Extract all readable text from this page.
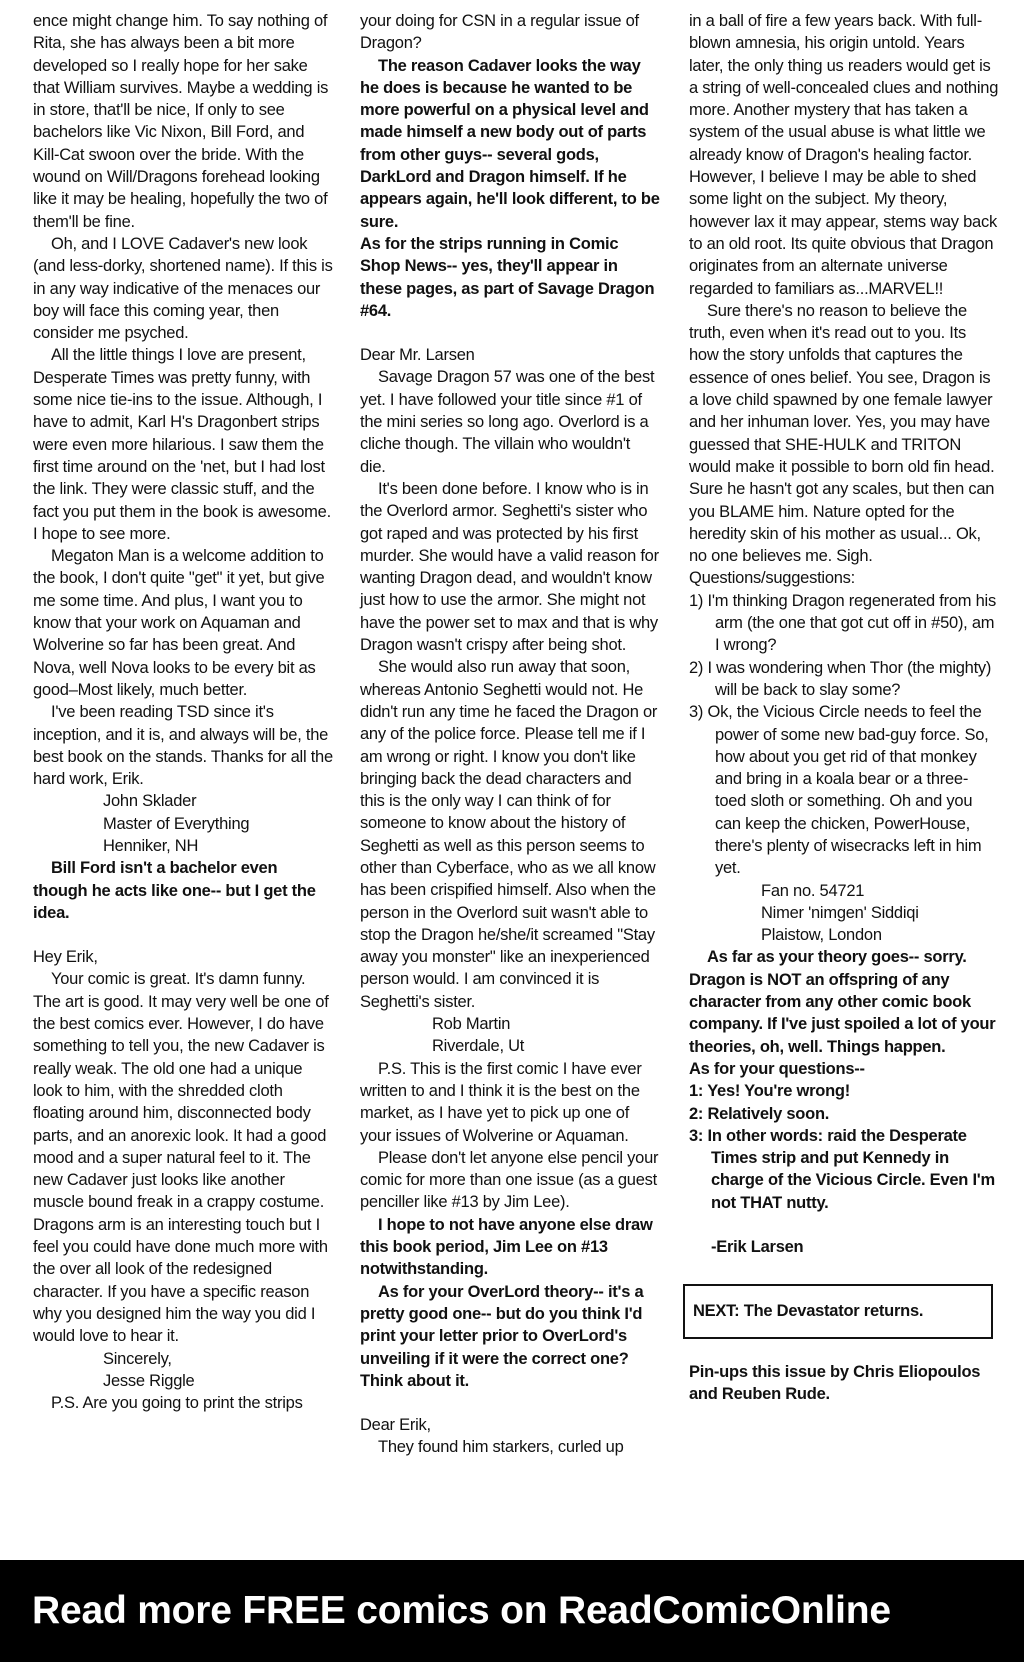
ence might change him. To say nothing of Rita, she has always been a bit more developed so I really hope for her sake that William survives. Maybe a wedding is in store, that'll be nice, If only to see bachelors like Vic Nixon, Bill Ford, and Kill-Cat swoon over the bride. With the wound on Will/Dragons forehead looking like it may be healing, hopefully the two of them'll be fine.

Oh, and I LOVE Cadaver's new look (and less-dorky, shortened name). If this is in any way indicative of the menaces our boy will face this coming year, then consider me psyched.

All the little things I love are present, Desperate Times was pretty funny, with some nice tie-ins to the issue. Although, I have to admit, Karl H's Dragonbert strips were even more hilarious. I saw them the first time around on the 'net, but I had lost the link. They were classic stuff, and the fact you put them in the book is awesome. I hope to see more.

Megaton Man is a welcome addition to the book, I don't quite "get" it yet, but give me some time. And plus, I want you to know that your work on Aquaman and Wolverine so far has been great. And Nova, well Nova looks to be every bit as good–Most likely, much better.

I've been reading TSD since it's inception, and it is, and always will be, the best book on the stands. Thanks for all the hard work, Erik.

John Sklader

Master of Everything

Henniker, NH

Bill Ford isn't a bachelor even though he acts like one-- but I get the idea.

Hey Erik,

Your comic is great. It's damn funny. The art is good. It may very well be one of the best comics ever. However, I do have something to tell you, the new Cadaver is really weak. The old one had a unique look to him, with the shredded cloth floating around him, disconnected body parts, and an anorexic look. It had a good mood and a super natural feel to it. The new Cadaver just looks like another muscle bound freak in a crappy costume. Dragons arm is an interesting touch but I feel you could have done much more with the over all look of the redesigned character. If you have a specific reason why you designed him the way you did I would love to hear it.

Sincerely,

Jesse Riggle

P.S. Are you going to print the strips

your doing for CSN in a regular issue of Dragon?

The reason Cadaver looks the way he does is because he wanted to be more powerful on a physical level and made himself a new body out of parts from other guys-- several gods, DarkLord and Dragon himself. If he appears again, he'll look different, to be sure.

As for the strips running in Comic Shop News-- yes, they'll appear in these pages, as part of Savage Dragon #64.

Dear Mr. Larsen

Savage Dragon 57 was one of the best yet. I have followed your title since #1 of the mini series so long ago. Overlord is a cliche though. The villain who wouldn't die.

It's been done before. I know who is in the Overlord armor. Seghetti's sister who got raped and was protected by his first murder. She would have a valid reason for wanting Dragon dead, and wouldn't know just how to use the armor. She might not have the power set to max and that is why Dragon wasn't crispy after being shot.

She would also run away that soon, whereas Antonio Seghetti would not. He didn't run any time he faced the Dragon or any of the police force. Please tell me if I am wrong or right. I know you don't like bringing back the dead characters and this is the only way I can think of for someone to know about the history of Seghetti as well as this person seems to other than Cyberface, who as we all know has been crispified himself. Also when the person in the Overlord suit wasn't able to stop the Dragon he/she/it screamed "Stay away you monster" like an inexperienced person would. I am convinced it is Seghetti's sister.

Rob Martin

Riverdale, Ut

P.S. This is the first comic I have ever written to and I think it is the best on the market, as I have yet to pick up one of your issues of Wolverine or Aquaman.

Please don't let anyone else pencil your comic for more than one issue (as a guest penciller like #13 by Jim Lee).

I hope to not have anyone else draw this book period, Jim Lee on #13 notwithstanding.

As for your OverLord theory-- it's a pretty good one-- but do you think I'd print your letter prior to OverLord's unveiling if it were the correct one? Think about it.

Dear Erik,

They found him starkers, curled up

in a ball of fire a few years back. With full-blown amnesia, his origin untold. Years later, the only thing us readers would get is a string of well-concealed clues and nothing more. Another mystery that has taken a system of the usual abuse is what little we already know of Dragon's healing factor. However, I believe I may be able to shed some light on the subject. My theory, however lax it may appear, stems way back to an old root. Its quite obvious that Dragon originates from an alternate universe regarded to familiars as...MARVEL!!

Sure there's no reason to believe the truth, even when it's read out to you. Its how the story unfolds that captures the essence of ones belief. You see, Dragon is a love child spawned by one female lawyer and her inhuman lover. Yes, you may have guessed that SHE-HULK and TRITON would make it possible to born old fin head. Sure he hasn't got any scales, but then can you BLAME him. Nature opted for the heredity skin of his mother as usual... Ok, no one believes me. Sigh.

Questions/suggestions:

1) I'm thinking Dragon regenerated from his arm (the one that got cut off in #50), am I wrong?

2) I was wondering when Thor (the mighty) will be back to slay some?

3) Ok, the Vicious Circle needs to feel the power of some new bad-guy force. So, how about you get rid of that monkey and bring in a koala bear or a three-toed sloth or something. Oh and you can keep the chicken, PowerHouse, there's plenty of wisecracks left in him yet.

Fan no. 54721

Nimer 'nimgen' Siddiqi

Plaistow, London

As far as your theory goes-- sorry. Dragon is NOT an offspring of any character from any other comic book company. If I've just spoiled a lot of your theories, oh, well. Things happen.

As for your questions--

1: Yes! You're wrong!

2: Relatively soon.

3: In other words: raid the Desperate Times strip and put Kennedy in charge of the Vicious Circle. Even I'm not THAT nutty.

-Erik Larsen

NEXT: The Devastator returns.

Pin-ups this issue by Chris Eliopoulos and Reuben Rude.

Read more FREE comics on ReadComicOnline
